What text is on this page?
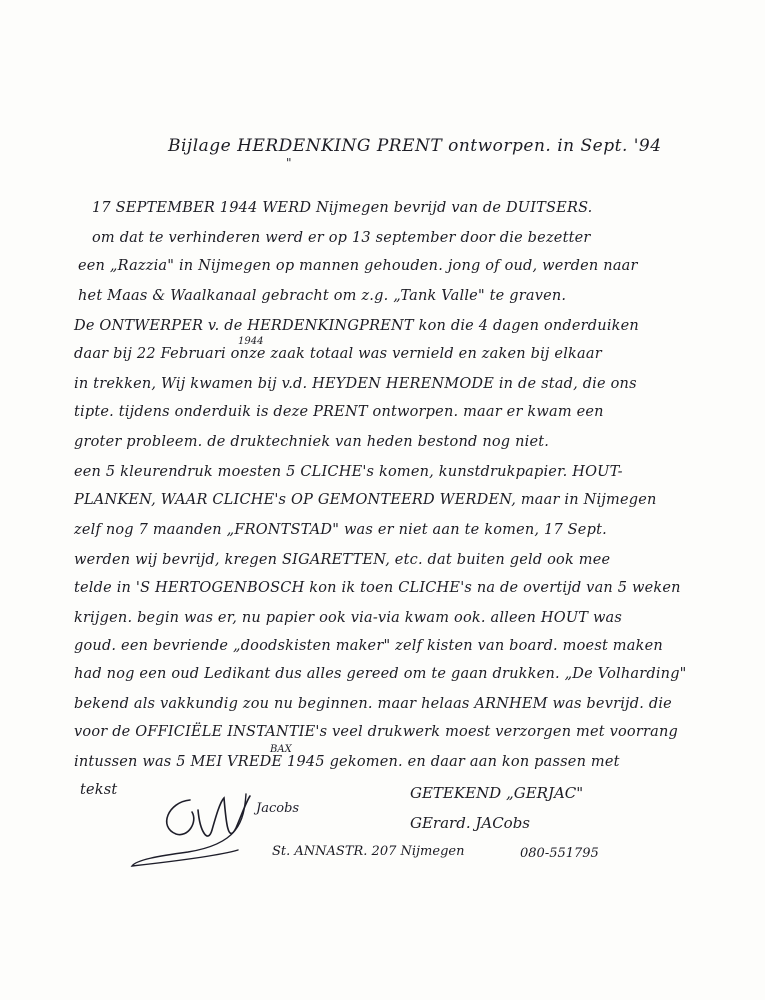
Bijlage HERDENKING PRENT ontworpen. in Sept. '94
"
17 SEPTEMBER 1944 WERD Nijmegen bevrijd van de DUITSERS.
om dat te verhinderen werd er op 13 september door die bezetter
een „Razzia" in Nijmegen op mannen gehouden. jong of oud, werden naar
het Maas & Waalkanaal gebracht om z.g. „Tank Valle" te graven.
De ONTWERPER v. de HERDENKINGPRENT kon die 4 dagen onderduiken
1944
daar bij 22 Februari onze zaak totaal was vernield en zaken bij elkaar
in trekken, Wij kwamen bij v.d. HEYDEN HERENMODE in de stad, die ons
tipte. tijdens onderduik is deze PRENT ontworpen. maar er kwam een
groter probleem. de druktechniek van heden bestond nog niet.
een 5 kleurendruk moesten 5 CLICHE's komen, kunstdrukpapier. HOUT-
PLANKEN, WAAR CLICHE's OP GEMONTEERD WERDEN, maar in Nijmegen
zelf nog 7 maanden „FRONTSTAD" was er niet aan te komen, 17 Sept.
werden wij bevrijd, kregen SIGARETTEN, etc. dat buiten geld ook mee
telde in 'S HERTOGENBOSCH kon ik toen CLICHE's na de overtijd van 5 weken
krijgen. begin was er, nu papier ook via-via kwam ook. alleen HOUT was
goud. een bevriende „doodskisten maker" zelf kisten van board. moest maken
had nog een oud Ledikant dus alles gereed om te gaan drukken. „De Volharding"
bekend als vakkundig zou nu beginnen. maar helaas ARNHEM was bevrijd. die
voor de OFFICIËLE INSTANTIE's veel drukwerk moest verzorgen met voorrang
BAX
intussen was 5 MEI VREDE 1945 gekomen. en daar aan kon passen met
tekst
Jacobs
GETEKEND „GERJAC"
GErard. JACobs
St. ANNASTR. 207 Nijmegen	080-551795
